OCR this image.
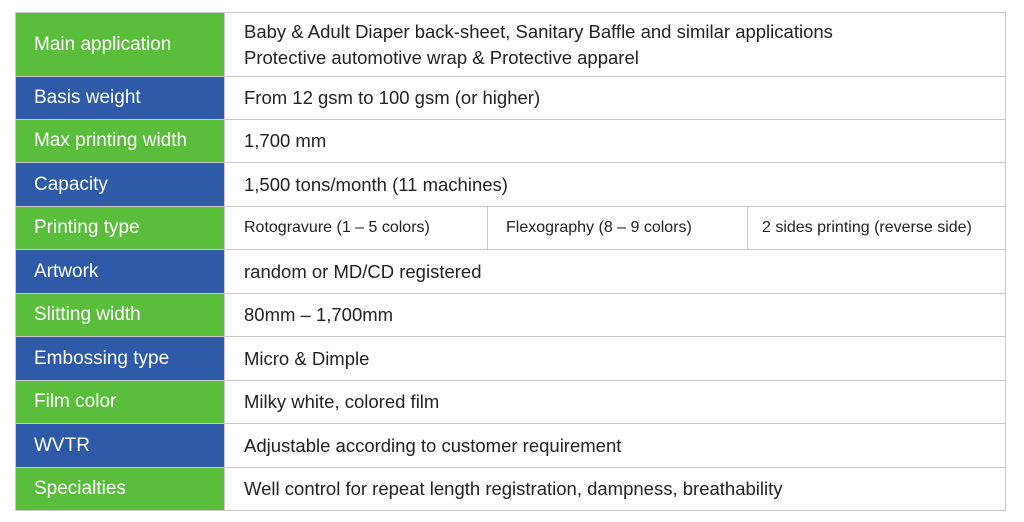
Main application	Baby & Adult Diaper back-sheet, Sanitary Baffle and similar applications
Protective automotive wrap & Protective apparel

Basis weight	From 12 gsm to 100 gsm (or higher)
Max printing width	1,700 mm
Capacity	1,500 tons/month (11 machines)
Printing type	Rotogravure (1 – 5 colors) Flexography (8 – 9 colors) 2 sides printing (reverse side)

Artwork	random or MD/CD registered
Slitting width	80mm – 1,700mm
Embossing type	Micro & Dimple
Film color	Milky white, colored film
WVTR	Adjustable according to customer requirement
Specialties	Well control for repeat length registration, dampness, breathability
